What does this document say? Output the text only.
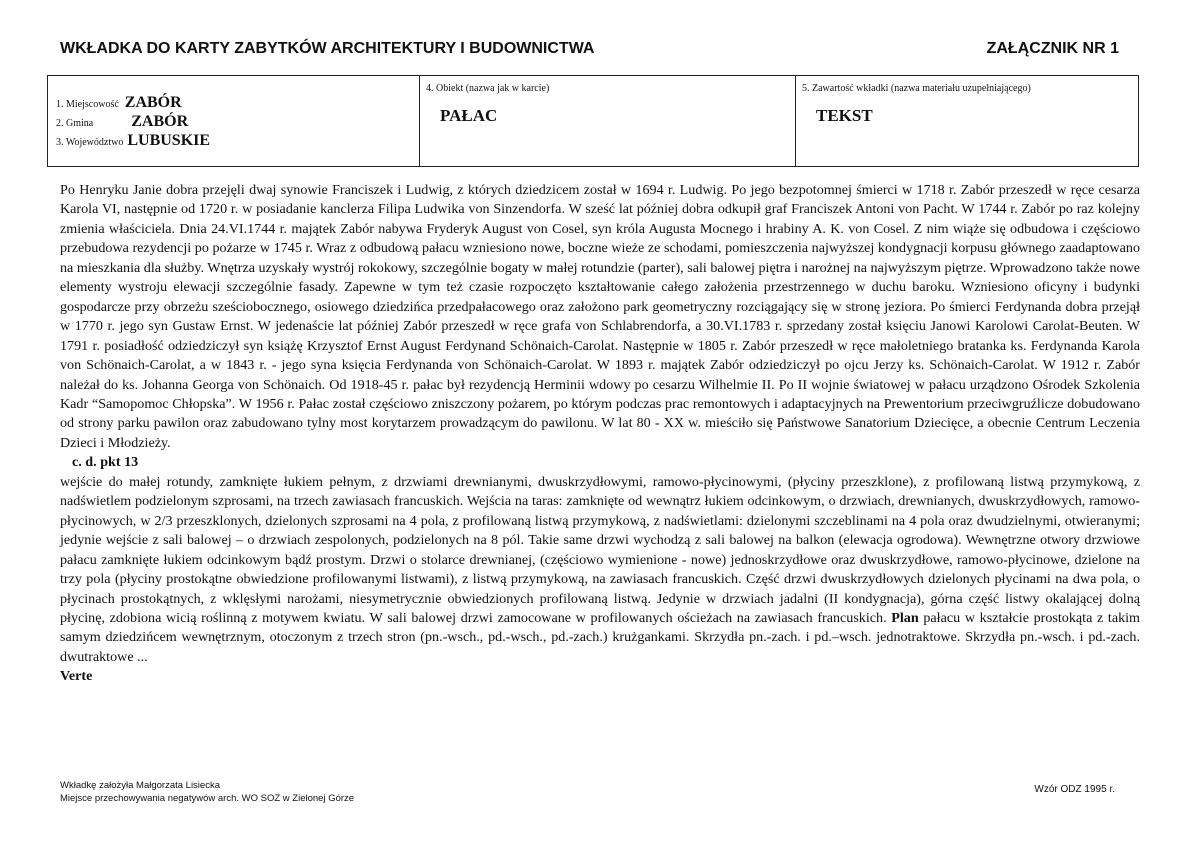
WKŁADKA DO KARTY ZABYTKÓW ARCHITEKTURY I BUDOWNICTWA	ZAŁĄCZNIK NR 1
1. Miejscowość ZABÓR
2. Gmina ZABÓR
3. Województwo LUBUSKIE
4. Obiekt (nazwa jak w karcie)
PAŁAC
5. Zawartość wkładki (nazwa materiału uzupełniającego)
TEKST

Po Henryku Janie dobra przejęli dwaj synowie Franciszek i Ludwig, z których dziedzicem został w 1694 r. Ludwig. Po jego bezpotomnej śmierci w 1718 r. Zabór przeszedł w ręce cesarza Karola VI, następnie od 1720 r. w posiadanie kanclerza Filipa Ludwika von Sinzendorfa. W sześć lat później dobra odkupił graf Franciszek Antoni von Pacht. W 1744 r. Zabór po raz kolejny zmienia właściciela. Dnia 24.VI.1744 r. majątek Zabór nabywa Fryderyk August von Cosel, syn króla Augusta Mocnego i hrabiny A. K. von Cosel. Z nim wiąże się odbudowa i częściowo przebudowa rezydencji po pożarze w 1745 r. Wraz z odbudową pałacu wzniesiono nowe, boczne wieże ze schodami, pomieszczenia najwyższej kondygnacji korpusu głównego zaadaptowano na mieszkania dla służby. Wnętrza uzyskały wystrój rokokowy, szczególnie bogaty w małej rotundzie (parter), sali balowej piętra i narożnej na najwyższym piętrze. Wprowadzono także nowe elementy wystroju elewacji szczególnie fasady. Zapewne w tym też czasie rozpoczęto kształtowanie całego założenia przestrzennego w duchu baroku. Wzniesiono oficyny i budynki gospodarcze przy obrzeżu sześciobocznego, osiowego dziedzińca przedpałacowego oraz założono park geometryczny rozciągający się w stronę jeziora. Po śmierci Ferdynanda dobra przejął w 1770 r. jego syn Gustaw Ernst. W jedenaście lat później Zabór przeszedł w ręce grafa von Schlabrendorfa, a 30.VI.1783 r. sprzedany został księciu Janowi Karolowi Carolat-Beuten. W 1791 r. posiadłość odziedziczył syn książę Krzysztof Ernst August Ferdynand Schönaich-Carolat. Następnie w 1805 r. Zabór przeszedł w ręce małoletniego bratanka ks. Ferdynanda Karola von Schönaich-Carolat, a w 1843 r. - jego syna księcia Ferdynanda von Schönaich-Carolat. W 1893 r. majątek Zabór odziedziczył po ojcu Jerzy ks. Schönaich-Carolat. W 1912 r. Zabór należał do ks. Johanna Georga von Schönaich. Od 1918-45 r. pałac był rezydencją Herminii wdowy po cesarzu Wilhelmie II. Po II wojnie światowej w pałacu urządzono Ośrodek Szkolenia Kadr “Samopomoc Chłopska”. W 1956 r. Pałac został częściowo zniszczony pożarem, po którym podczas prac remontowych i adaptacyjnych na Prewentorium przeciwgruźlicze dobudowano od strony parku pawilon oraz zabudowano tylny most korytarzem prowadzącym do pawilonu. W lat 80 - XX w. mieściło się Państwowe Sanatorium Dziecięce, a obecnie Centrum Leczenia Dzieci i Młodzieży.

c. d. pkt 13

wejście do małej rotundy, zamknięte łukiem pełnym, z drzwiami drewnianymi, dwuskrzydłowymi, ramowo-płycinowymi, (płyciny przeszklone), z profilowaną listwą przymykową, z nadświetlem podzielonym szprosami, na trzech zawiasach francuskich. Wejścia na taras: zamknięte od wewnątrz łukiem odcinkowym, o drzwiach, drewnianych, dwuskrzydłowych, ramowo-płycinowych, w 2/3 przeszklonych, dzielonych szprosami na 4 pola, z profilowaną listwą przymykową, z nadświetlami: dzielonymi szczeblinami na 4 pola oraz dwudzielnymi, otwieranymi; jedynie wejście z sali balowej – o drzwiach zespolonych, podzielonych na 8 pól. Takie same drzwi wychodzą z sali balowej na balkon (elewacja ogrodowa). Wewnętrzne otwory drzwiowe pałacu zamknięte łukiem odcinkowym bądź prostym. Drzwi o stolarce drewnianej, (częściowo wymienione - nowe) jednoskrzydłowe oraz dwuskrzydłowe, ramowo-płycinowe, dzielone na trzy pola (płyciny prostokątne obwiedzione profilowanymi listwami), z listwą przymykową, na zawiasach francuskich. Część drzwi dwuskrzydłowych dzielonych płycinami na dwa pola, o płycinach prostokątnych, z wklęsłymi narożami, niesymetrycznie obwiedzionych profilowaną listwą. Jedynie w drzwiach jadalni (II kondygnacja), górna część listwy okalającej dolną płycinę, zdobiona wicią roślinną z motywem kwiatu. W sali balowej drzwi zamocowane w profilowanych ościeżach na zawiasach francuskich. Plan pałacu w kształcie prostokąta z takim samym dziedzińcem wewnętrznym, otoczonym z trzech stron (pn.-wsch., pd.-wsch., pd.-zach.) krużgankami. Skrzydła pn.-zach. i pd.–wsch. jednotraktowe. Skrzydła pn.-wsch. i pd.-zach. dwutraktowe ...

Verte

Wkładkę założyła Małgorzata Lisiecka
Miejsce przechowywania negatywów arch. WO SOZ w Zielonej Górze
Wzór ODZ 1995 r.
